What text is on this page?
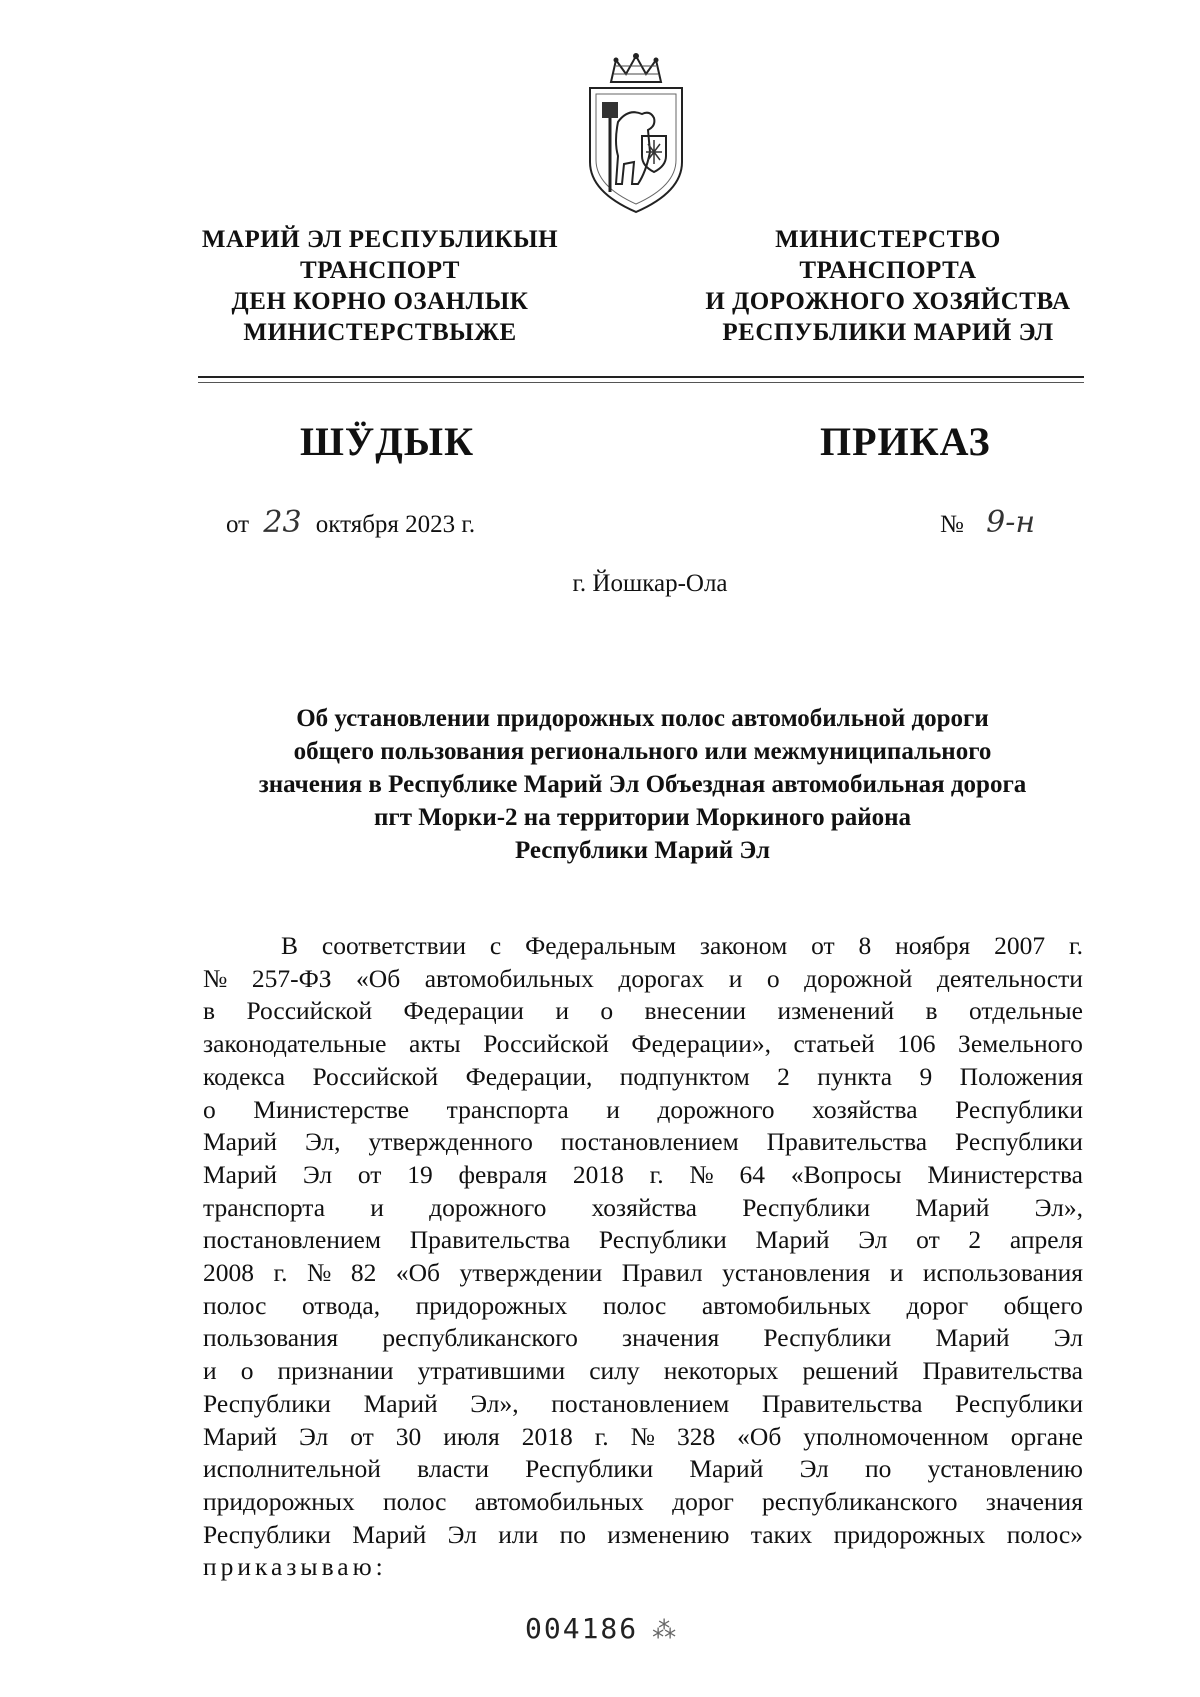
МАРИЙ ЭЛ РЕСПУБЛИКЫН
ТРАНСПОРТ
ДЕН КОРНО ОЗАНЛЫК
МИНИСТЕРСТВЫЖЕ
МИНИСТЕРСТВО
ТРАНСПОРТА
И ДОРОЖНОГО ХОЗЯЙСТВА
РЕСПУБЛИКИ МАРИЙ ЭЛ
ШӰДЫК	ПРИКАЗ
от 23 октября 2023 г.	№ 9-н
г. Йошкар-Ола
Об установлении придорожных полос автомобильной дороги
общего пользования регионального или межмуниципального
значения в Республике Марий Эл Объездная автомобильная дорога
пгт Морки-2 на территории Моркиного района
Республики Марий Эл
В соответствии с Федеральным законом от 8 ноября 2007 г.
№ 257-ФЗ «Об автомобильных дорогах и о дорожной деятельности
в Российской Федерации и о внесении изменений в отдельные
законодательные акты Российской Федерации», статьей 106 Земельного
кодекса Российской Федерации, подпунктом 2 пункта 9 Положения
о Министерстве транспорта и дорожного хозяйства Республики
Марий Эл, утвержденного постановлением Правительства Республики
Марий Эл от 19 февраля 2018 г. № 64 «Вопросы Министерства
транспорта и дорожного хозяйства Республики Марий Эл»,
постановлением Правительства Республики Марий Эл от 2 апреля
2008 г. № 82 «Об утверждении Правил установления и использования
полос отвода, придорожных полос автомобильных дорог общего
пользования республиканского значения Республики Марий Эл
и о признании утратившими силу некоторых решений Правительства
Республики Марий Эл», постановлением Правительства Республики
Марий Эл от 30 июля 2018 г. № 328 «Об уполномоченном органе
исполнительной власти Республики Марий Эл по установлению
придорожных полос автомобильных дорог республиканского значения
Республики Марий Эл или по изменению таких придорожных полос»
приказываю:
004186 ⁂
